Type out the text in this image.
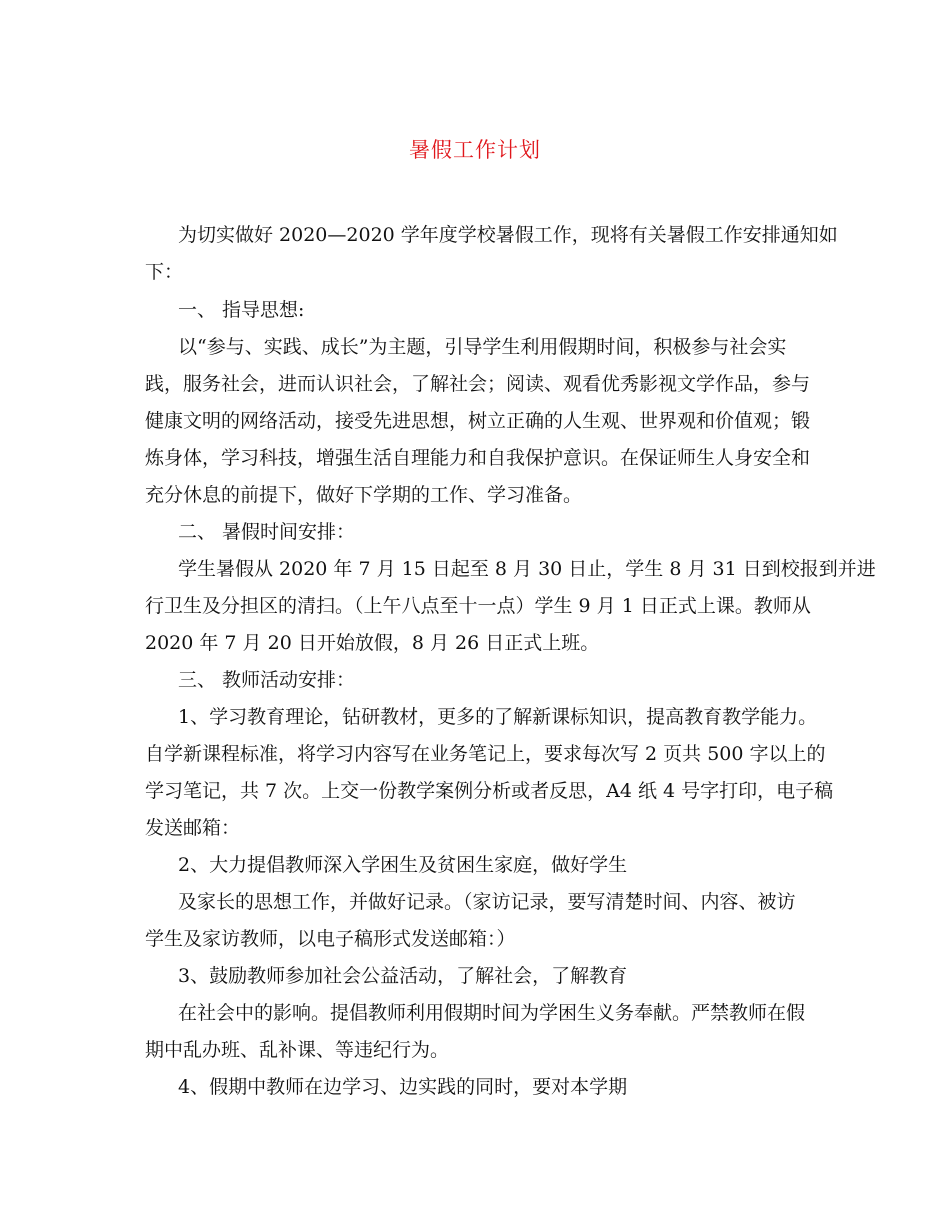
暑假工作计划
为切实做好 2020—2020 学年度学校暑假工作，现将有关暑假工作安排通知如
下：
一、 指导思想:
以“参与、实践、成长”为主题，引导学生利用假期时间，积极参与社会实
践，服务社会，进而认识社会，了解社会；阅读、观看优秀影视文学作品，参与
健康文明的网络活动，接受先进思想，树立正确的人生观、世界观和价值观；锻
炼身体，学习科技，增强生活自理能力和自我保护意识。在保证师生人身安全和
充分休息的前提下，做好下学期的工作、学习准备。
二、 暑假时间安排：
学生暑假从 2020 年 7 月 15 日起至 8 月 30 日止，学生 8 月 31 日到校报到并进
行卫生及分担区的清扫。（上午八点至十一点）学生 9 月 1 日正式上课。教师从
2020 年 7 月 20 日开始放假，8 月 26 日正式上班。
三、 教师活动安排：
1、学习教育理论，钻研教材，更多的了解新课标知识，提高教育教学能力。
自学新课程标准，将学习内容写在业务笔记上，要求每次写 2 页共 500 字以上的
学习笔记，共 7 次。上交一份教学案例分析或者反思，A4 纸 4 号字打印，电子稿
发送邮箱：
2、大力提倡教师深入学困生及贫困生家庭，做好学生
及家长的思想工作，并做好记录。（家访记录，要写清楚时间、内容、被访
学生及家访教师，以电子稿形式发送邮箱：）
3、鼓励教师参加社会公益活动，了解社会，了解教育
在社会中的影响。提倡教师利用假期时间为学困生义务奉献。严禁教师在假
期中乱办班、乱补课、等违纪行为。
4、假期中教师在边学习、边实践的同时，要对本学期
